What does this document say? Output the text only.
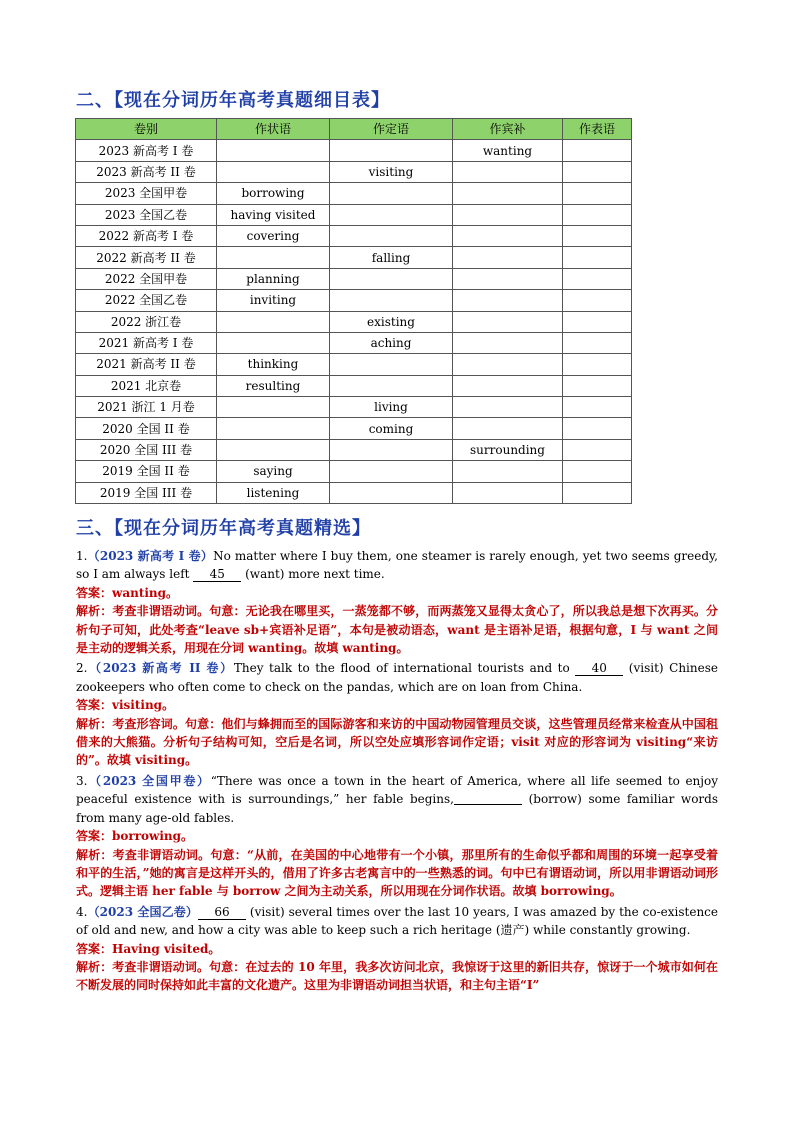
二、【现在分词历年高考真题细目表】
卷别	作状语	作定语	作宾补	作表语
2023 新高考 I 卷			wanting	
2023 新高考 II 卷		visiting		
2023 全国甲卷	borrowing			
2023 全国乙卷	having visited			
2022 新高考 I 卷	covering			
2022 新高考 II 卷		falling		
2022 全国甲卷	planning			
2022 全国乙卷	inviting			
2022 浙江卷		existing		
2021 新高考 I 卷		aching		
2021 新高考 II 卷	thinking			
2021 北京卷	resulting			
2021 浙江 1 月卷		living		
2020 全国 II 卷		coming		
2020 全国 III 卷			surrounding	
2019 全国 II 卷	saying			
2019 全国 III 卷	listening			
三、【现在分词历年高考真题精选】

1.（2023 新高考 I 卷）No matter where I buy them, one steamer is rarely enough, yet two seems greedy, so I am always left 45 (want) more next time.

答案：wanting。

解析：考查非谓语动词。句意：无论我在哪里买，一蒸笼都不够，而两蒸笼又显得太贪心了，所以我总是想下次再买。分析句子可知，此处考查“leave sb+宾语补足语”，本句是被动语态，want 是主语补足语，根据句意，I 与 want 之间是主动的逻辑关系，用现在分词 wanting。故填 wanting。

2.（2023 新高考 II 卷）They talk to the flood of international tourists and to 40 (visit) Chinese zookeepers who often come to check on the pandas, which are on loan from China.

答案：visiting。

解析：考查形容词。句意：他们与蜂拥而至的国际游客和来访的中国动物园管理员交谈，这些管理员经常来检查从中国租借来的大熊猫。分析句子结构可知，空后是名词，所以空处应填形容词作定语；visit 对应的形容词为 visiting“来访的”。故填 visiting。

3.（2023 全国甲卷）“There was once a town in the heart of America, where all life seemed to enjoy peaceful existence with is surroundings,” her fable begins,	(borrow) some familiar words from many age-old fables.

答案：borrowing。

解析：考查非谓语动词。句意：“从前，在美国的中心地带有一个小镇，那里所有的生命似乎都和周围的环境一起享受着和平的生活，”她的寓言是这样开头的，借用了许多古老寓言中的一些熟悉的词。句中已有谓语动词，所以用非谓语动词形式。逻辑主语 her fable 与 borrow 之间为主动关系，所以用现在分词作状语。故填 borrowing。

4.（2023 全国乙卷） 66 (visit) several times over the last 10 years, I was amazed by the co-existence of old and new, and how a city was able to keep such a rich heritage (遗产) while constantly growing.

答案：Having visited。

解析：考查非谓语动词。句意：在过去的 10 年里，我多次访问北京，我惊讶于这里的新旧共存，惊讶于一个城市如何在不断发展的同时保持如此丰富的文化遗产。这里为非谓语动词担当状语，和主句主语“I”
